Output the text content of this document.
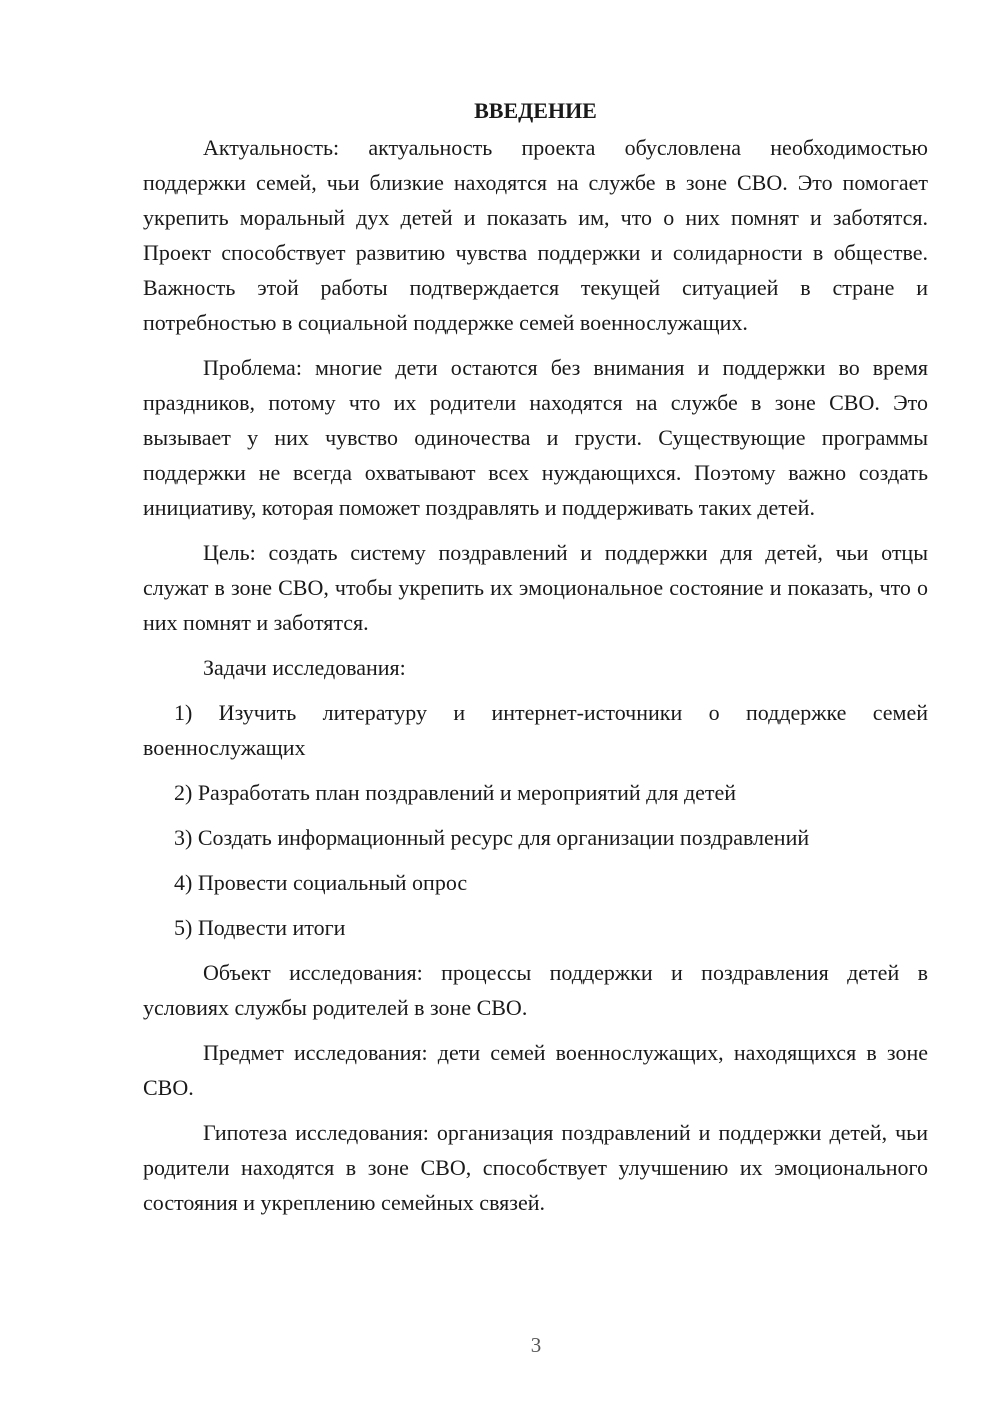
ВВЕДЕНИЕ

Актуальность: актуальность проекта обусловлена необходимостью поддержки семей, чьи близкие находятся на службе в зоне СВО. Это помогает укрепить моральный дух детей и показать им, что о них помнят и заботятся. Проект способствует развитию чувства поддержки и солидарности в обществе. Важность этой работы подтверждается текущей ситуацией в стране и потребностью в социальной поддержке семей военнослужащих.

Проблема: многие дети остаются без внимания и поддержки во время праздников, потому что их родители находятся на службе в зоне СВО. Это вызывает у них чувство одиночества и грусти. Существующие программы поддержки не всегда охватывают всех нуждающихся. Поэтому важно создать инициативу, которая поможет поздравлять и поддерживать таких детей.

Цель: создать систему поздравлений и поддержки для детей, чьи отцы служат в зоне СВО, чтобы укрепить их эмоциональное состояние и показать, что о них помнят и заботятся.

Задачи исследования:

1) Изучить литературу и интернет-источники о поддержке семей военнослужащих

2) Разработать план поздравлений и мероприятий для детей

3) Создать информационный ресурс для организации поздравлений

4) Провести социальный опрос

5) Подвести итоги

Объект исследования: процессы поддержки и поздравления детей в условиях службы родителей в зоне СВО.

Предмет исследования: дети семей военнослужащих, находящихся в зоне СВО.

Гипотеза исследования: организация поздравлений и поддержки детей, чьи родители находятся в зоне СВО, способствует улучшению их эмоционального состояния и укреплению семейных связей.

3
